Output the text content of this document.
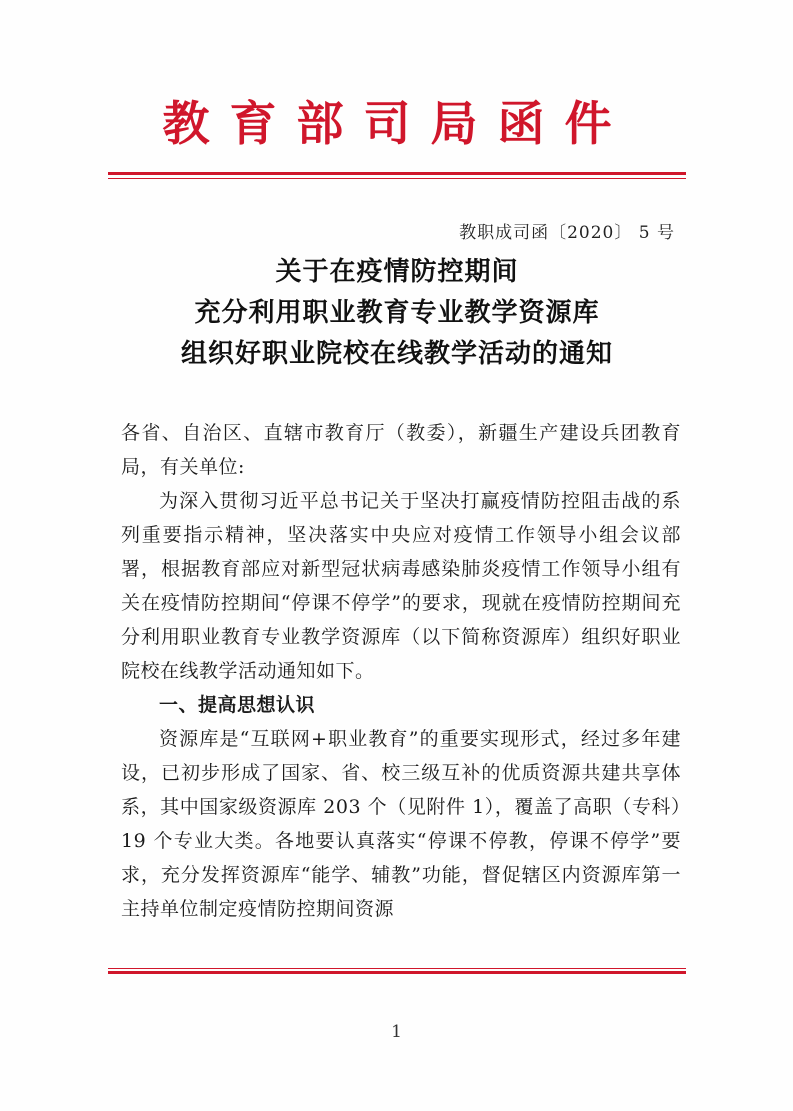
教育部司局函件
教职成司函〔2020〕 5 号
关于在疫情防控期间
充分利用职业教育专业教学资源库
组织好职业院校在线教学活动的通知

各省、自治区、直辖市教育厅（教委），新疆生产建设兵团教育局，有关单位:

为深入贯彻习近平总书记关于坚决打赢疫情防控阻击战的系列重要指示精神，坚决落实中央应对疫情工作领导小组会议部署，根据教育部应对新型冠状病毒感染肺炎疫情工作领导小组有关在疫情防控期间“停课不停学”的要求，现就在疫情防控期间充分利用职业教育专业教学资源库（以下简称资源库）组织好职业院校在线教学活动通知如下。

一、提高思想认识

资源库是“互联网+职业教育”的重要实现形式，经过多年建设，已初步形成了国家、省、校三级互补的优质资源共建共享体系，其中国家级资源库 203 个（见附件 1），覆盖了高职（专科）19 个专业大类。各地要认真落实“停课不停教，停课不停学”要求，充分发挥资源库“能学、辅教”功能，督促辖区内资源库第一主持单位制定疫情防控期间资源

1
